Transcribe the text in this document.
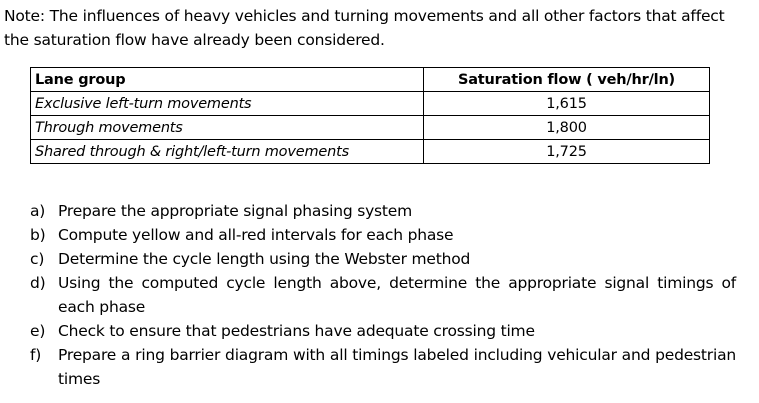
Note: The influences of heavy vehicles and turning movements and all other factors that affect the saturation flow have already been considered.

Lane group	Saturation flow ( veh/hr/ln)
Exclusive left-turn movements	1,615
Through movements	1,800
Shared through & right/left-turn movements	1,725
a) Prepare the appropriate signal phasing system
b) Compute yellow and all-red intervals for each phase
c) Determine the cycle length using the Webster method
d) Using the computed cycle length above, determine the appropriate signal timings of each phase
e) Check to ensure that pedestrians have adequate crossing time
f)	Prepare a ring barrier diagram with all timings labeled including vehicular and pedestrian times
